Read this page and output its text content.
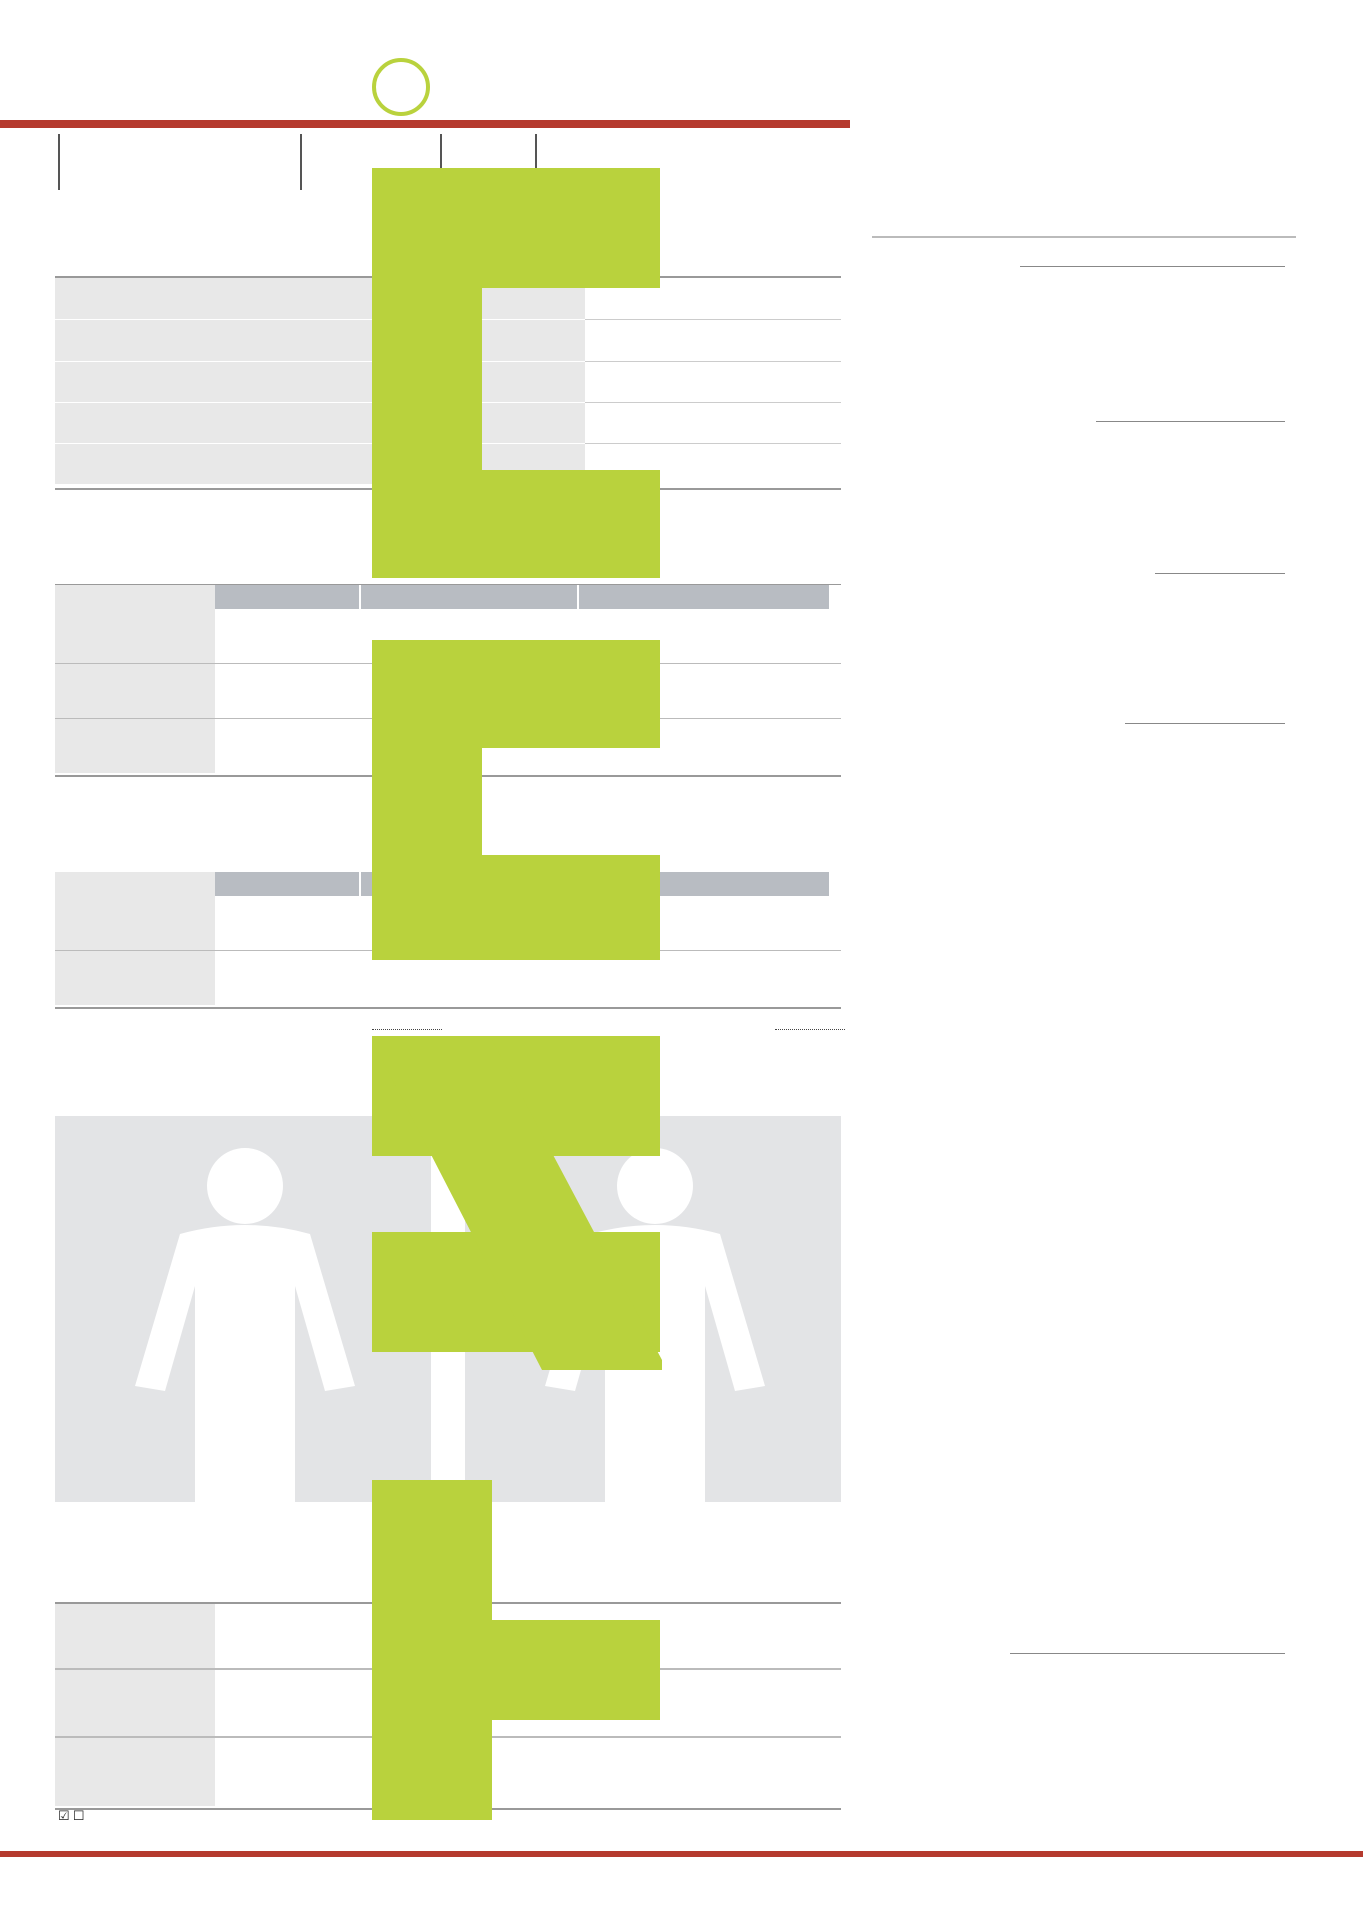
☑ ☐
